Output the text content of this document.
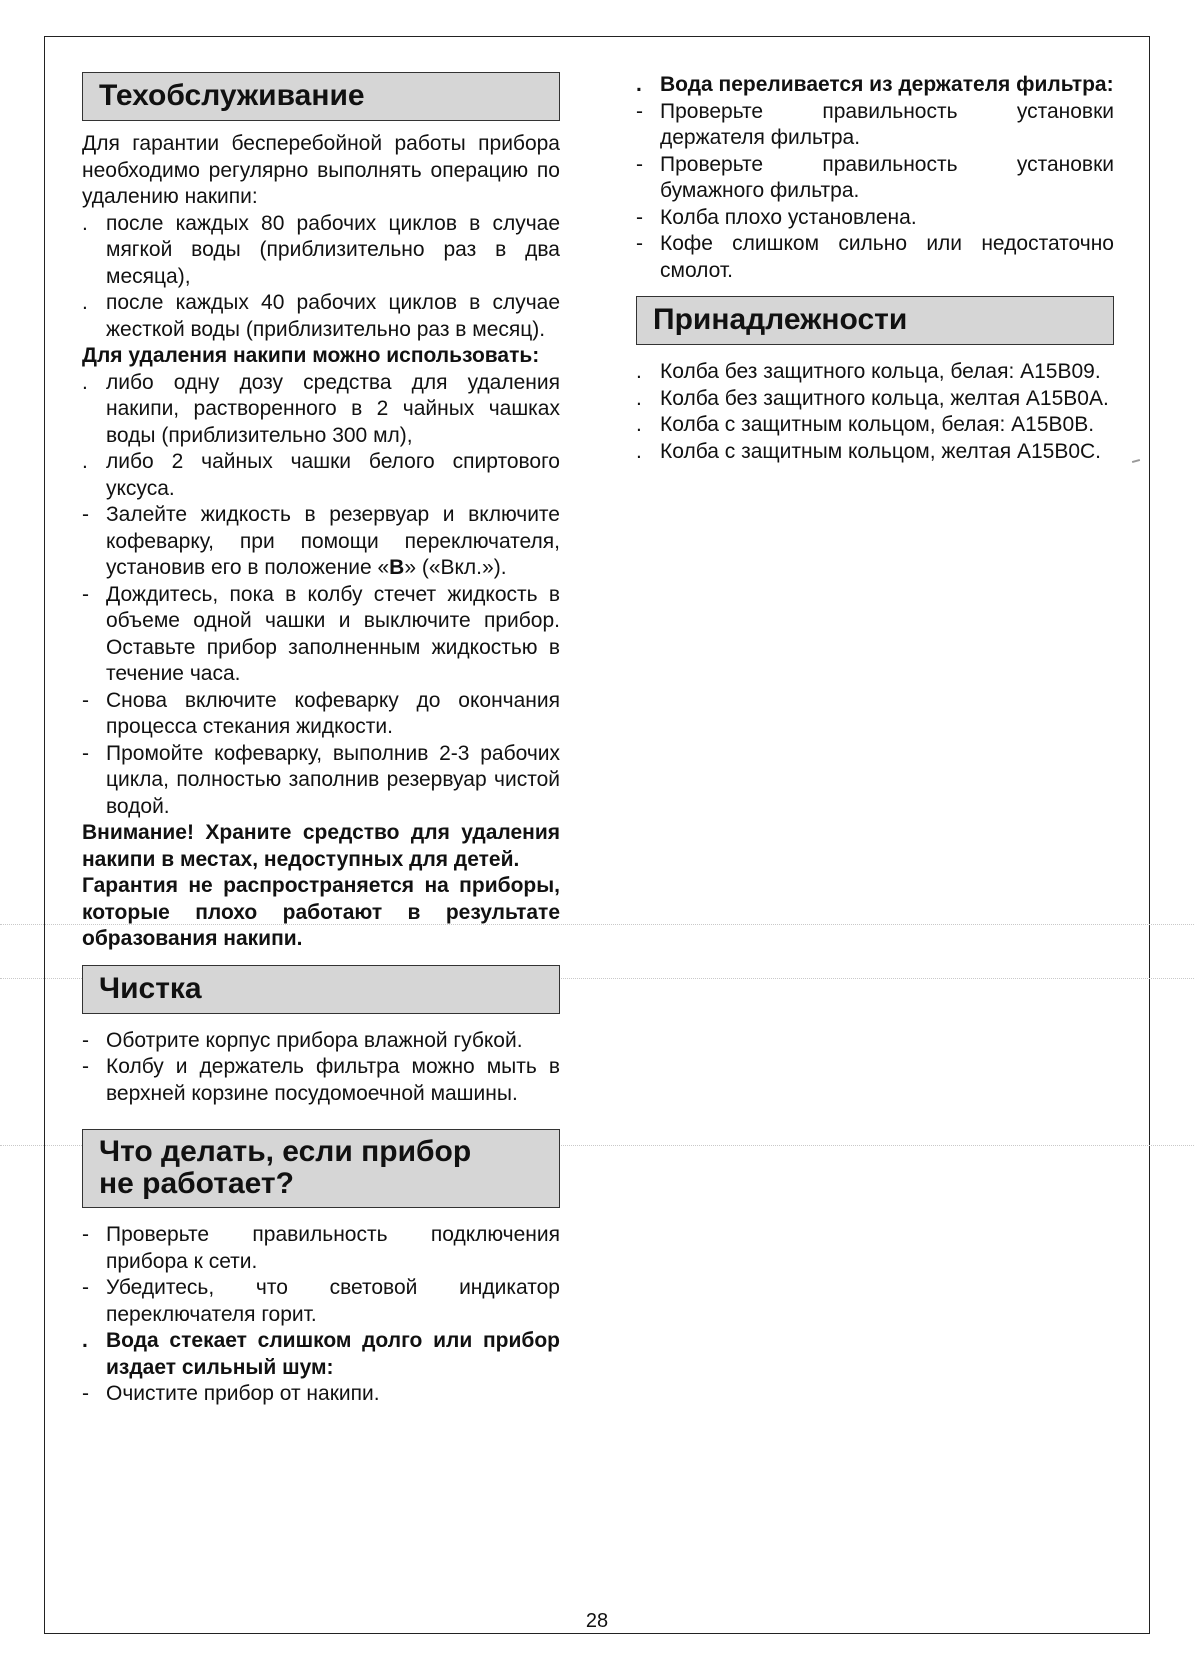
Техобслуживание

Для гарантии бесперебойной работы прибора необходимо регулярно выполнять операцию по удалению накипи:

.
после каждых 80 рабочих циклов в случае мягкой воды (приблизительно раз в два месяца),
.
после каждых 40 рабочих циклов в случае жесткой воды (приблизительно раз в месяц).

Для удаления накипи можно использовать:

.
либо одну дозу средства для удаления накипи, растворенного в 2 чайных чашках воды (приблизительно 300 мл),
.
либо 2 чайных чашки белого спиртового уксуса.
-
Залейте жидкость в резервуар и включите кофеварку, при помощи переключателя, установив его в положение «B» («Вкл.»).
-
Дождитесь, пока в колбу стечет жидкость в объеме одной чашки и выключите прибор. Оставьте прибор заполненным жидкостью в течение часа.
-
Снова включите кофеварку до окончания процесса стекания жидкости.
-
Промойте кофеварку, выполнив 2-3 рабочих цикла, полностью заполнив резервуар чистой водой.

Внимание! Храните средство для удаления накипи в местах, недоступных для детей.

Гарантия не распространяется на приборы, которые плохо работают в результате образования накипи.

Чистка
-
Оботрите корпус прибора влажной губкой.
-
Колбу и держатель фильтра можно мыть в верхней корзине посудомоечной машины.
Что делать, если прибор
не работает?
-
Проверьте правильность подключения прибора к сети.
-
Убедитесь, что световой индикатор переключателя горит.
.
Вода стекает слишком долго или прибор издает сильный шум:
-
Очистите прибор от накипи.
.
Вода переливается из держателя фильтра:
-
Проверьте правильность установки держателя фильтра.
-
Проверьте правильность установки бумажного фильтра.
-
Колба плохо установлена.
-
Кофе слишком сильно или недостаточно смолот.
Принадлежности
.
Колба без защитного кольца, белая: A15B09.
.
Колба без защитного кольца, желтая A15B0A.
.
Колба с защитным кольцом, белая: A15B0B.
.
Колба с защитным кольцом, желтая A15B0C.
28
